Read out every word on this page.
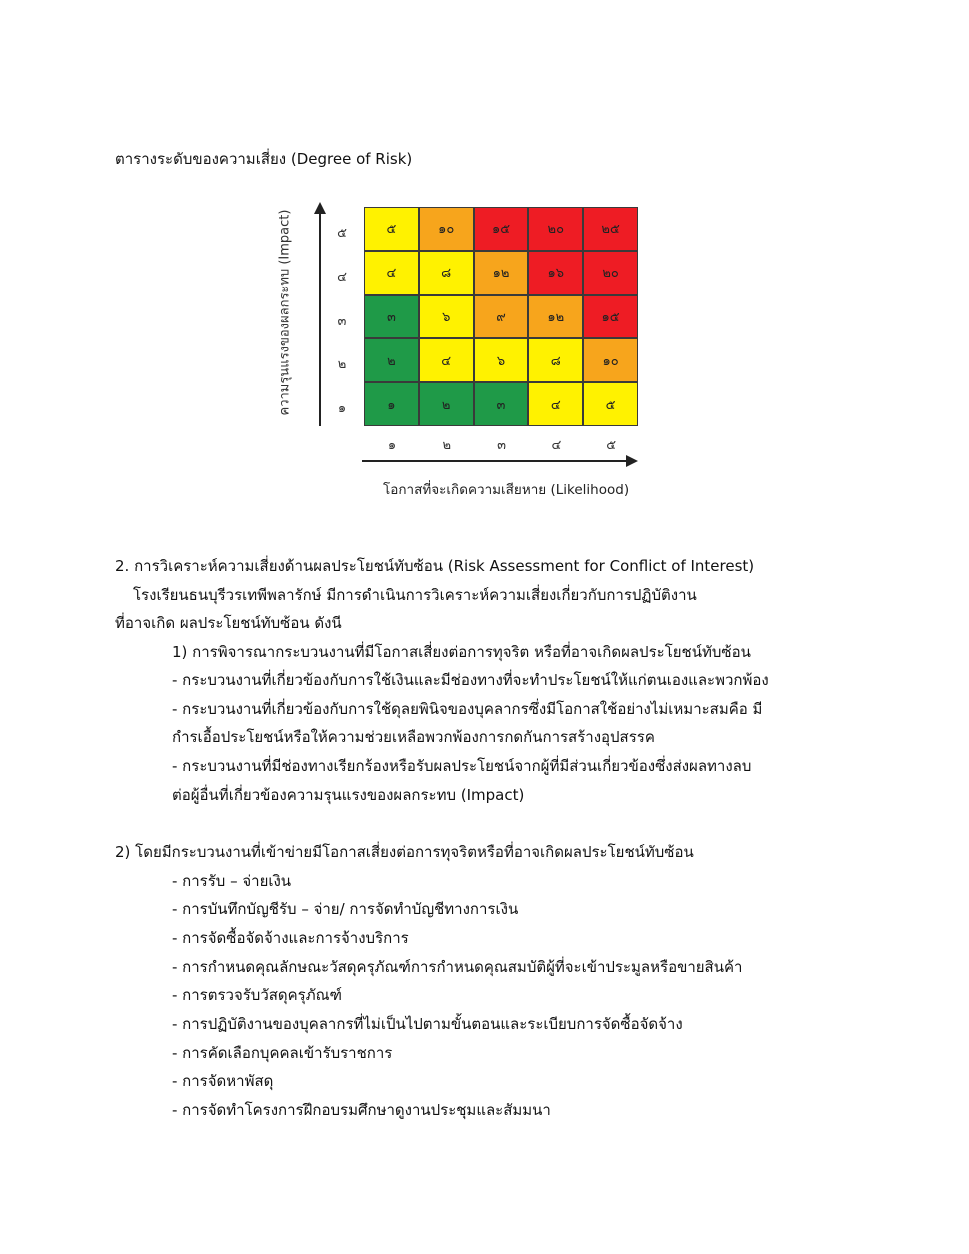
ตารางระดับของความเสี่ยง (Degree of Risk)
ความรุนแรงของผลกระทบ (Impact)	๕
๔
๓
๒
๑
๕	๑๐	๑๕	๒๐	๒๕
๔	๘	๑๒	๑๖	๒๐
๓	๖	๙	๑๒	๑๕
๒	๔	๖	๘	๑๐
๑	๒	๓	๔	๕
๑	๒	๓	๔	๕
โอกาสที่จะเกิดความเสียหาย (Likelihood)
2. การวิเคราะห์ความเสี่ยงด้านผลประโยชน์ทับซ้อน (Risk Assessment for Conflict of Interest)
โรงเรียนธนบุรีวรเทพีพลารักษ์ มีการดำเนินการวิเคราะห์ความเสี่ยงเกี่ยวกับการปฏิบัติงาน
ที่อาจเกิด ผลประโยชน์ทับซ้อน ดังนี
1) การพิจารณากระบวนงานที่มีโอกาสเสี่ยงต่อการทุจริต หรือที่อาจเกิดผลประโยชน์ทับซ้อน
- กระบวนงานที่เกี่ยวข้องกับการใช้เงินและมีช่องทางที่จะทำประโยชน์ให้แก่ตนเองและพวกพ้อง
- กระบวนงานที่เกี่ยวข้องกับการใช้ดุลยพินิจของบุคลากรซึ่งมีโอกาสใช้อย่างไม่เหมาะสมคือ มี
กำรเอื้อประโยชน์หรือให้ความช่วยเหลือพวกพ้องการกดกันการสร้างอุปสรรค
- กระบวนงานที่มีช่องทางเรียกร้องหรือรับผลประโยชน์จากผู้ที่มีส่วนเกี่ยวข้องซึ่งส่งผลทางลบ
ต่อผู้อื่นที่เกี่ยวข้องความรุนแรงของผลกระทบ (Impact)
2) โดยมีกระบวนงานที่เข้าข่ายมีโอกาสเสี่ยงต่อการทุจริตหรือที่อาจเกิดผลประโยชน์ทับซ้อน
- การรับ – จ่ายเงิน
- การบันทึกบัญชีรับ – จ่าย/ การจัดทำบัญชีทางการเงิน
- การจัดซื้อจัดจ้างและการจ้างบริการ
- การกำหนดคุณลักษณะวัสดุครุภัณฑ์การกำหนดคุณสมบัติผู้ที่จะเข้าประมูลหรือขายสินค้า
- การตรวจรับวัสดุครุภัณฑ์
- การปฏิบัติงานของบุคลากรที่ไม่เป็นไปตามขั้นตอนและระเบียบการจัดซื้อจัดจ้าง
- การคัดเลือกบุคคลเข้ารับราชการ
- การจัดหาพัสดุ
- การจัดทำโครงการฝึกอบรมศึกษาดูงานประชุมและสัมมนา
